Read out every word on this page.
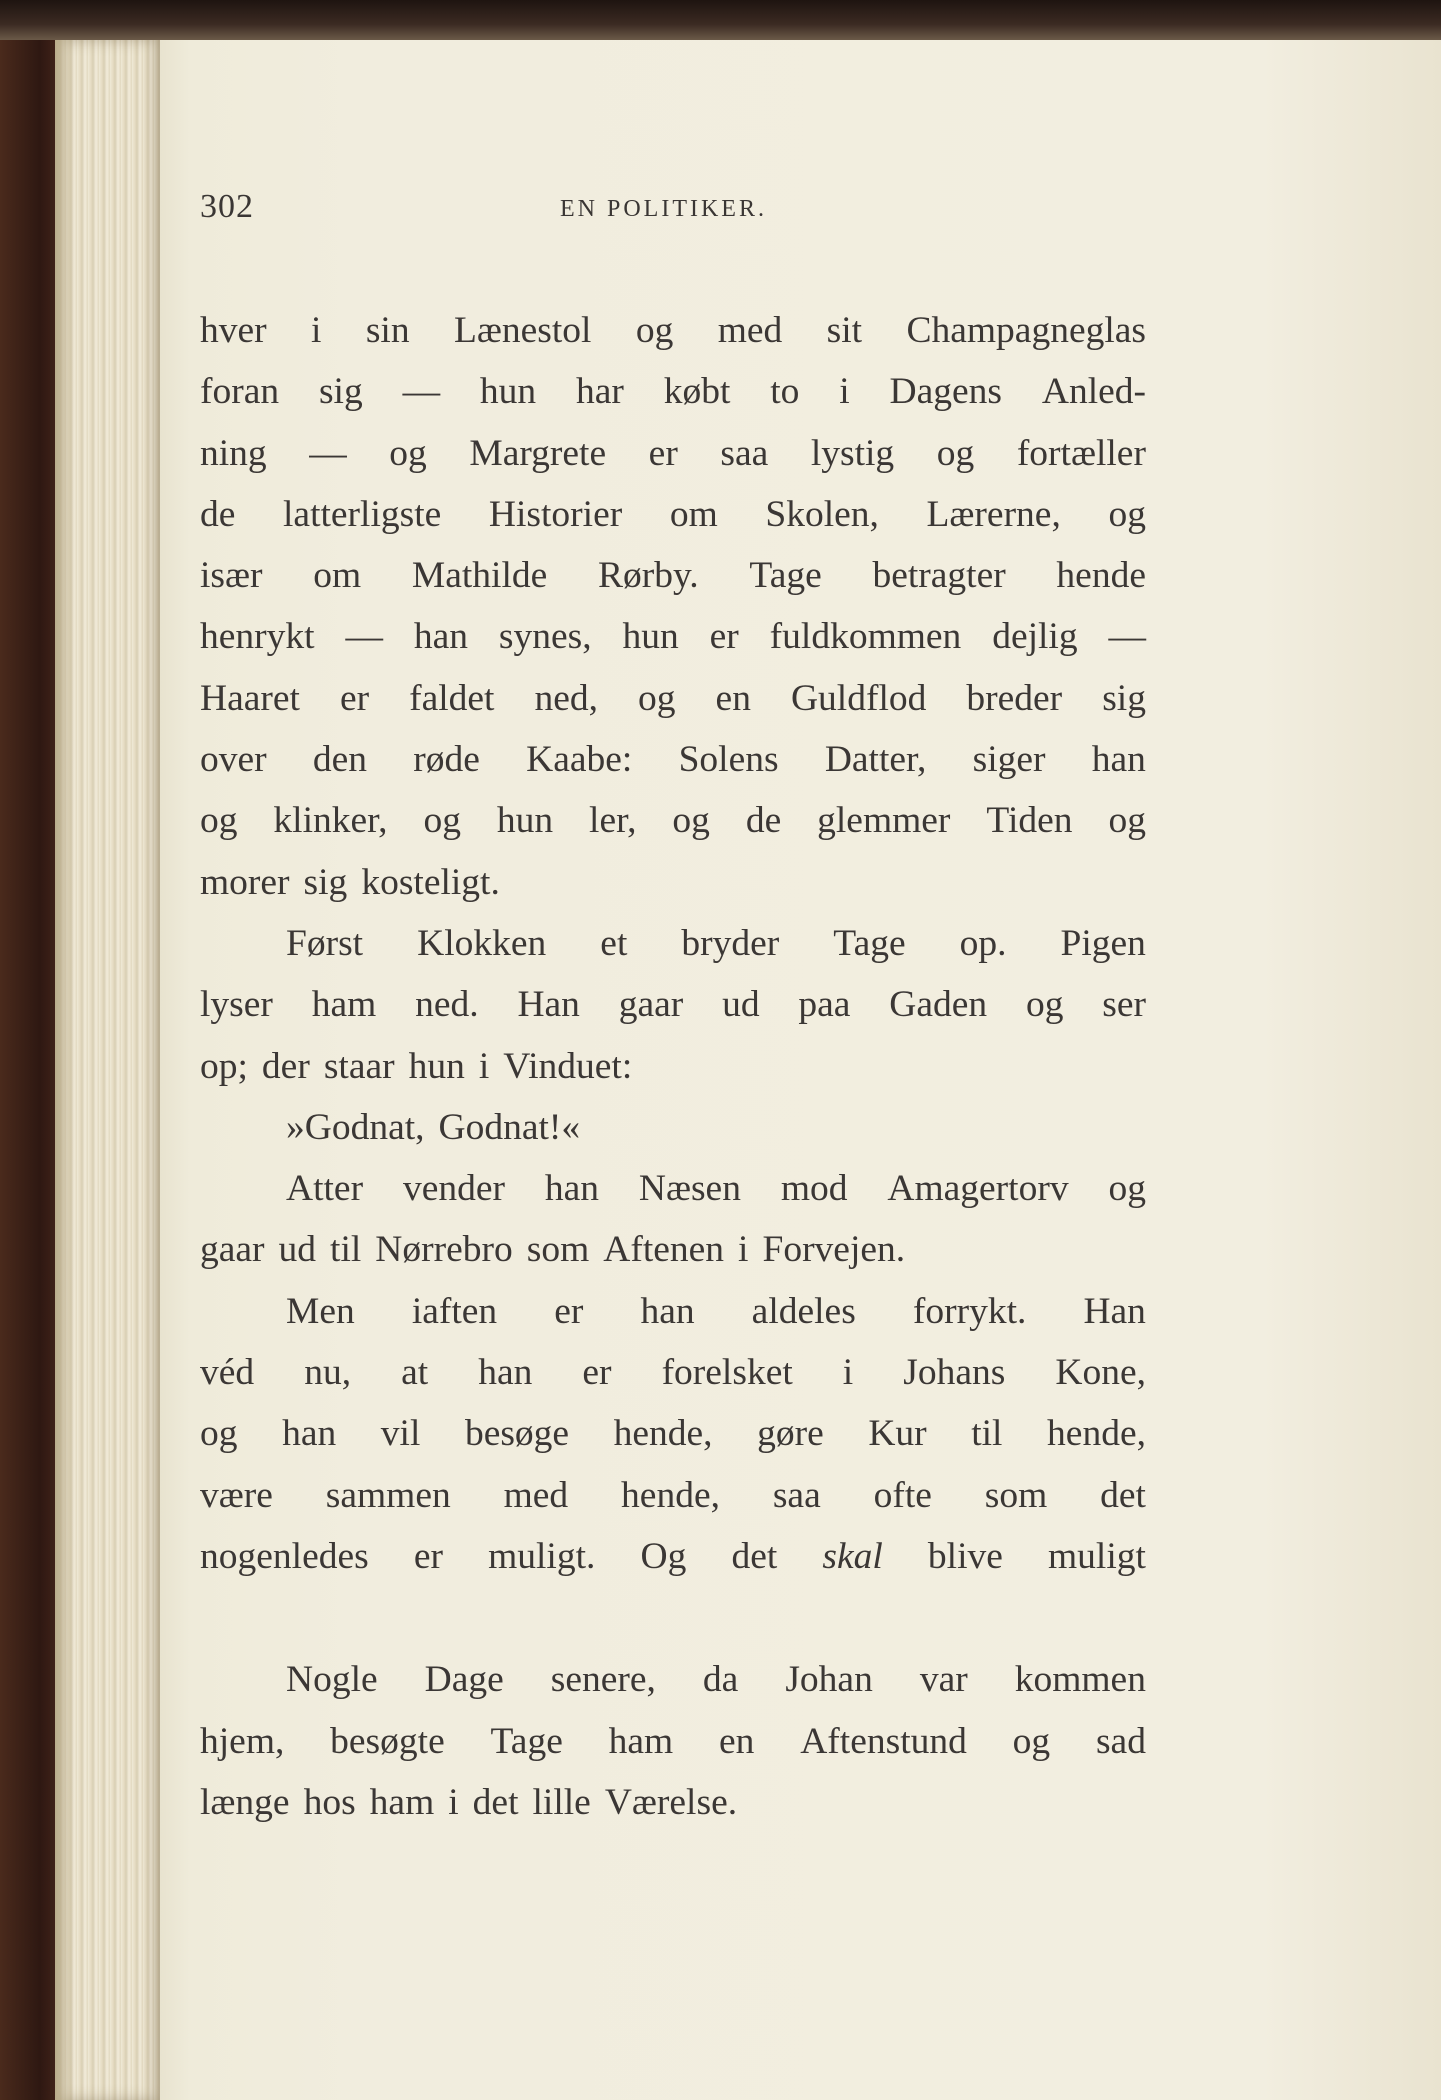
302	EN POLITIKER.
hver i sin Lænestol og med sit Champagneglas
foran sig — hun har købt to i Dagens Anled-
ning — og Margrete er saa lystig og fortæller
de latterligste Historier om Skolen, Lærerne, og
især om Mathilde Rørby. Tage betragter hende
henrykt — han synes, hun er fuldkommen dejlig —
Haaret er faldet ned, og en Guldflod breder sig
over den røde Kaabe: Solens Datter, siger han
og klinker, og hun ler, og de glemmer Tiden og
morer sig kosteligt.
Først Klokken et bryder Tage op. Pigen
lyser ham ned. Han gaar ud paa Gaden og ser
op; der staar hun i Vinduet:
»Godnat, Godnat!«
Atter vender han Næsen mod Amagertorv og
gaar ud til Nørrebro som Aftenen i Forvejen.
Men iaften er han aldeles forrykt. Han
véd nu, at han er forelsket i Johans Kone,
og han vil besøge hende, gøre Kur til hende,
være sammen med hende, saa ofte som det
nogenledes er muligt. Og det skal blive muligt
Nogle Dage senere, da Johan var kommen
hjem, besøgte Tage ham en Aftenstund og sad
længe hos ham i det lille Værelse.
